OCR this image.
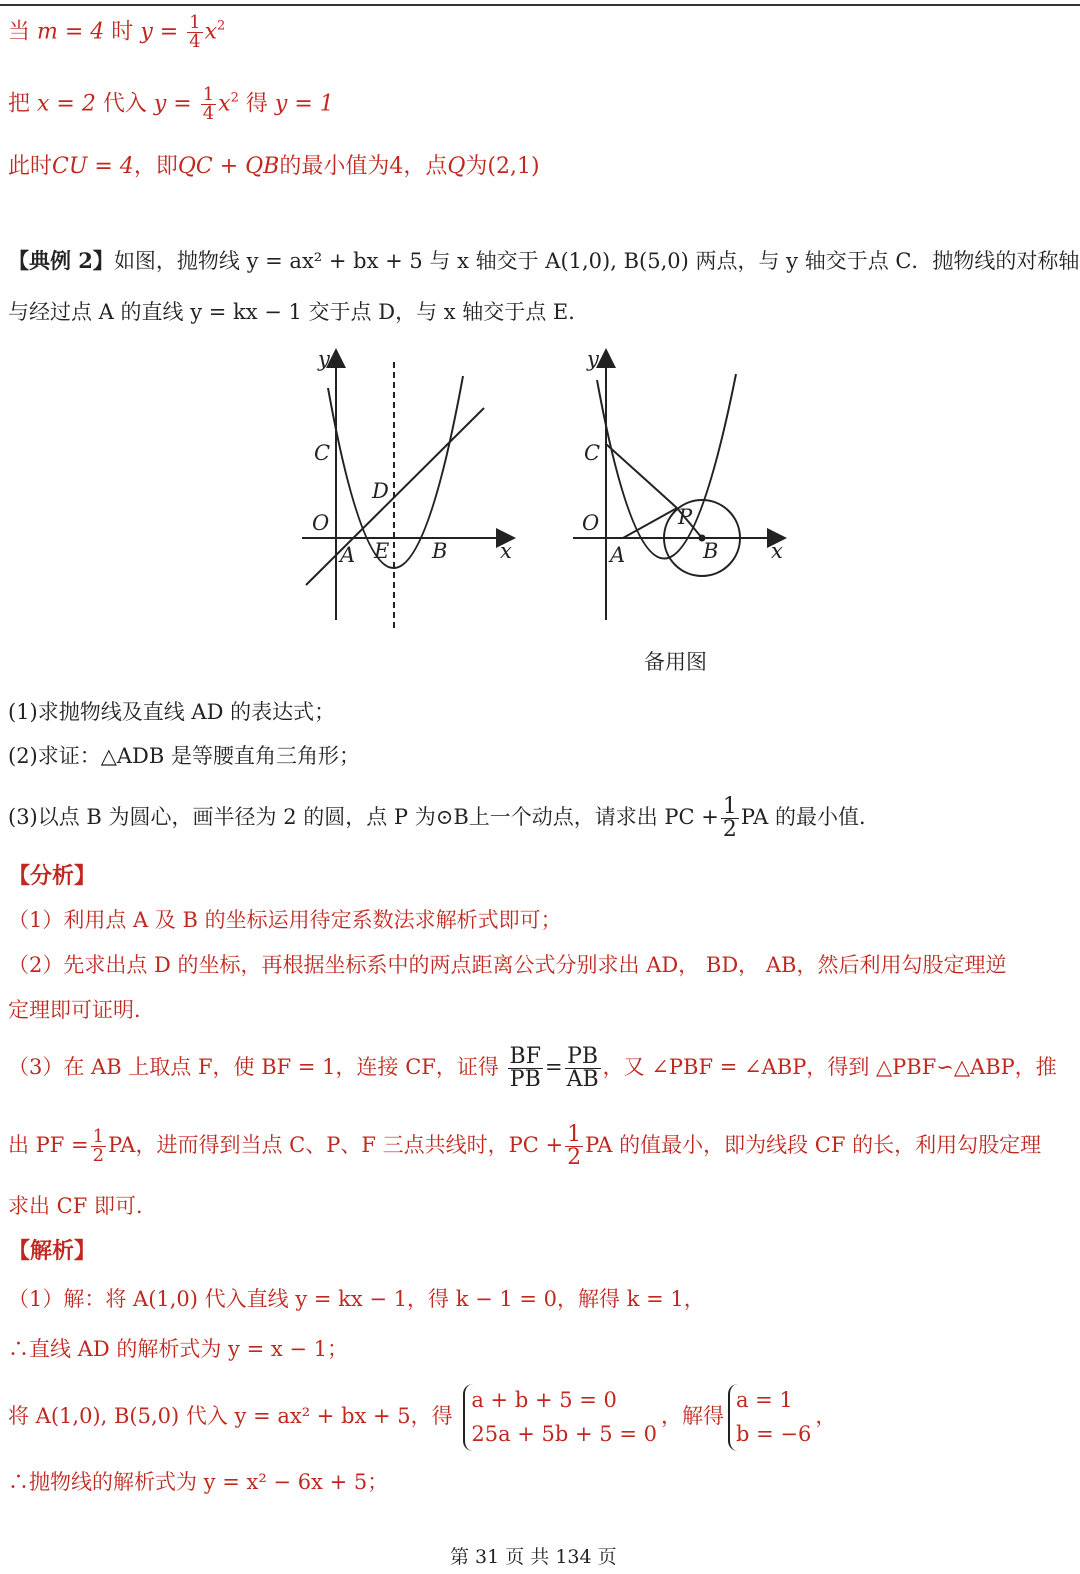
当 m = 4 时 $y = \frac{1}{4} x^2$
把 x = 2 代入 $y = \frac{1}{4} x^2$ 得 y = 1
此时CU = 4，即QC + QB的最小值为4，点Q为(2,1)
【典例 2】如图，抛物线 y = ax² + bx + 5 与 x 轴交于 A(1,0), B(5,0) 两点，与 y 轴交于点 C．抛物线的对称轴
与经过点 A 的直线 y = kx − 1 交于点 D，与 x 轴交于点 E．
y
x
C
O
D
A E B
y
x
C
O	P
A	B
备用图
(1)求抛物线及直线 AD 的表达式；
(2)求证：△ADB 是等腰直角三角形；
(3)以点 B 为圆心，画半径为 2 的圆，点 P 为⊙B上一个动点，请求出 PC + $\frac{1}{2}$ PA 的最小值．
【分析】
（1）利用点 A 及 B 的坐标运用待定系数法求解析式即可；
（2）先求出点 D 的坐标，再根据坐标系中的两点距离公式分别求出 AD， BD， AB，然后利用勾股定理逆
定理即可证明．
（3）在 AB 上取点 F，使 BF = 1，连接 CF，证得 $\frac{BF}{PB} = \frac{PB}{AB}$ ，又 ∠PBF = ∠ABP，得到 △PBF∽△ABP，推
出 PF = $\frac{1}{2}$ PA，进而得到当点 C、P、F 三点共线时，PC + $\frac{1}{2}$ PA 的值最小，即为线段 CF 的长，利用勾股定理
求出 CF 即可．
【解析】
（1）解：将 A(1,0) 代入直线 y = kx − 1，得 k − 1 = 0，解得 k = 1，
∴直线 AD 的解析式为 y = x − 1；
将 A(1,0), B(5,0) 代入 y = ax² + bx + 5，得
a + b + 5 = 0
25a + 5b + 5 = 0
，解得
a = 1
b = −6
，
∴抛物线的解析式为 y = x² − 6x + 5；
第 31 页 共 134 页
